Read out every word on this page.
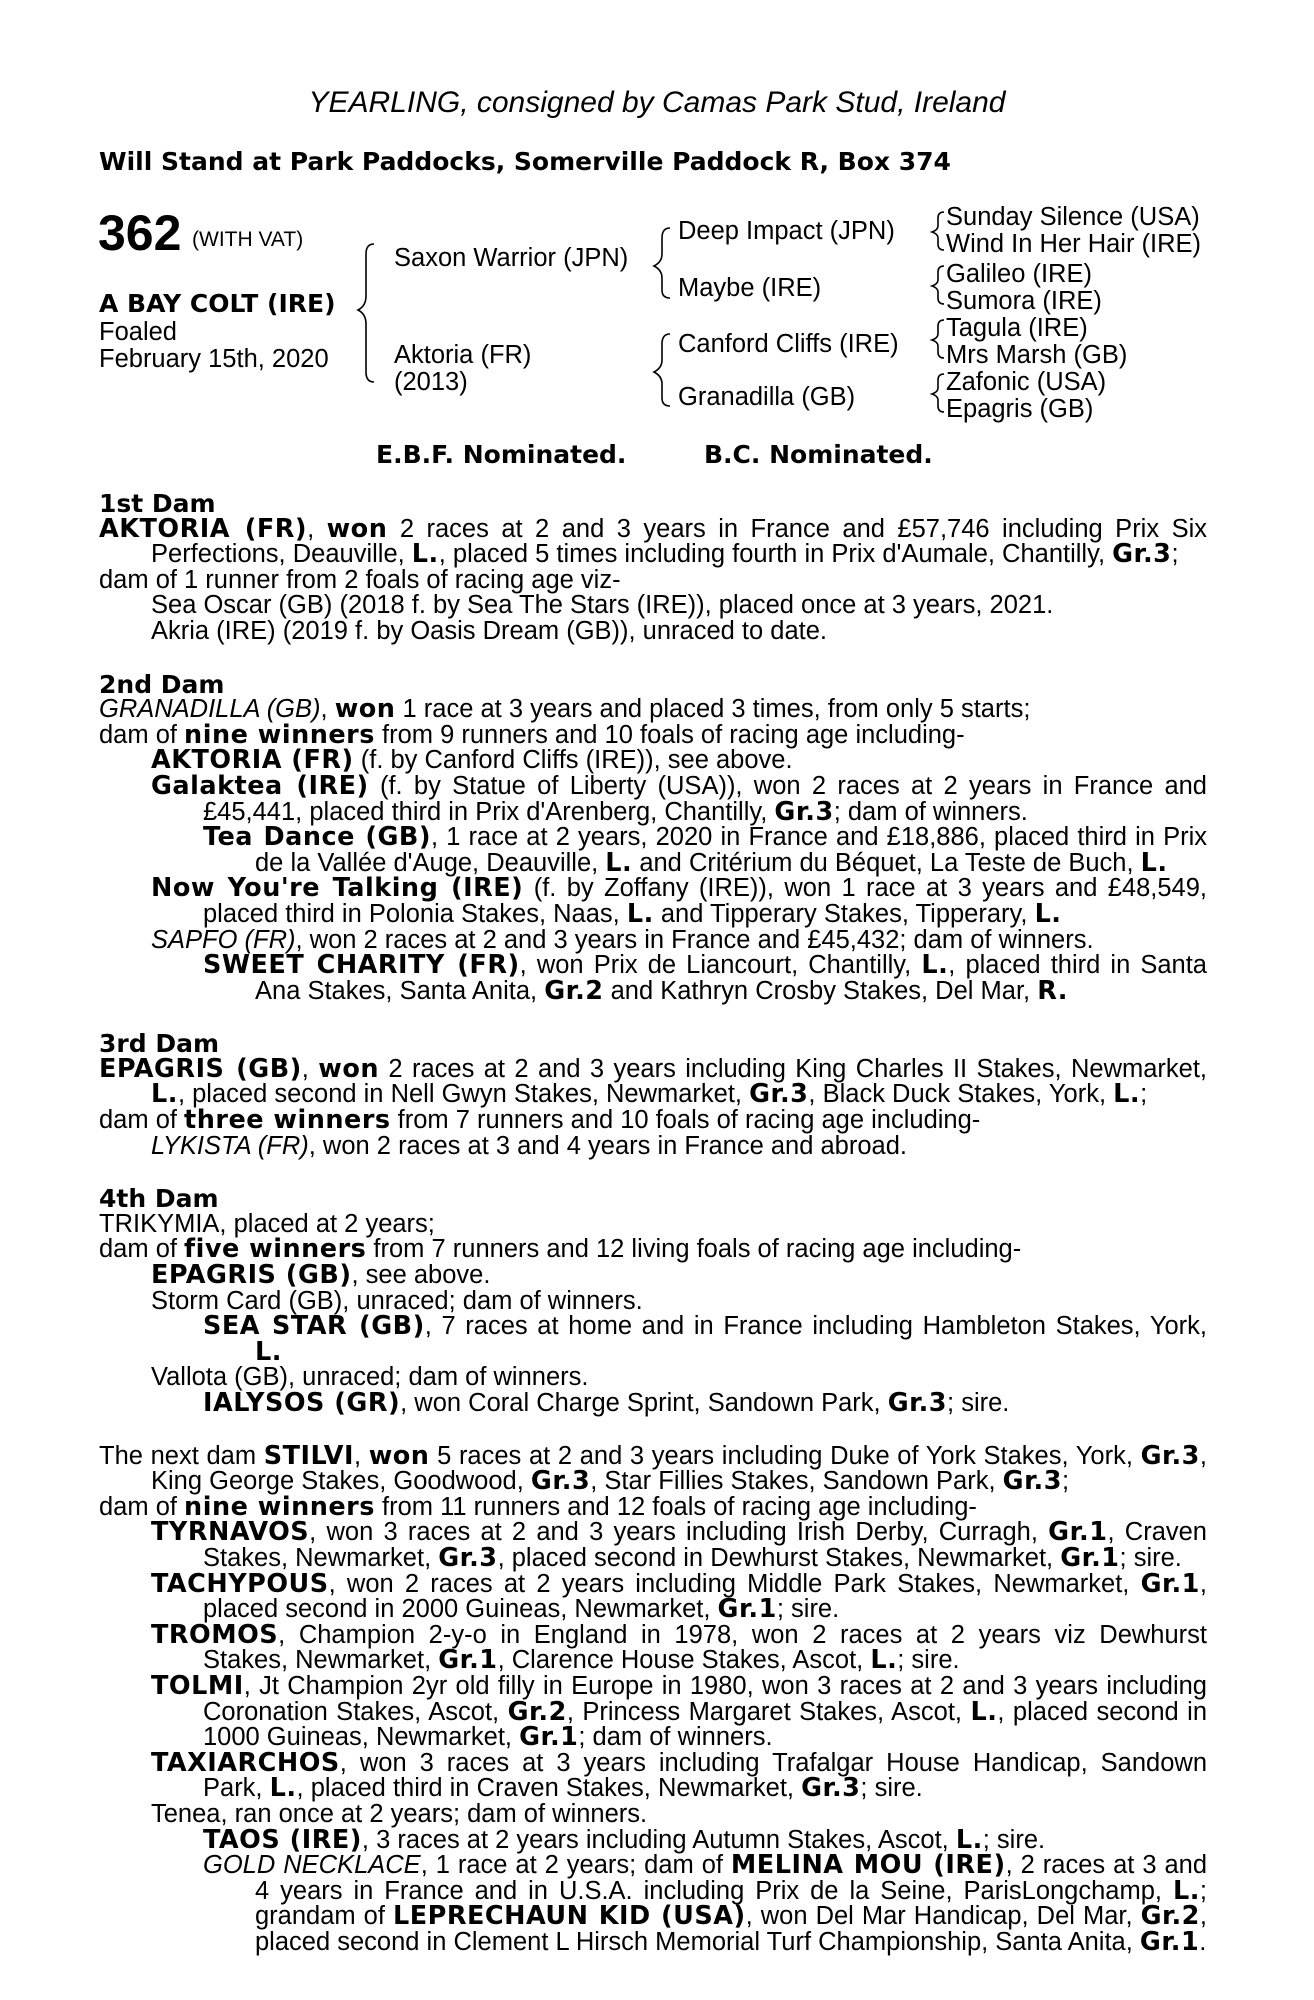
YEARLING, consigned by Camas Park Stud, Ireland
Will Stand at Park Paddocks, Somerville Paddock R, Box 374
362 (WITH VAT)
A BAY COLT (IRE)
Foaled
February 15th, 2020
Saxon Warrior (JPN)
Aktoria (FR)
(2013)
Deep Impact (JPN)
Maybe (IRE)
Canford Cliffs (IRE)
Granadilla (GB)
Sunday Silence (USA)
Wind In Her Hair (IRE)
Galileo (IRE)
Sumora (IRE)
Tagula (IRE)
Mrs Marsh (GB)
Zafonic (USA)
Epagris (GB)
E.B.F. Nominated.	B.C. Nominated.
1st Dam
AKTORIA (FR), won 2 races at 2 and 3 years in France and £57,746 including Prix Six Perfections, Deauville, L., placed 5 times including fourth in Prix d'Aumale, Chantilly, Gr.3;
dam of 1 runner from 2 foals of racing age viz-
Sea Oscar (GB) (2018 f. by Sea The Stars (IRE)), placed once at 3 years, 2021.
Akria (IRE) (2019 f. by Oasis Dream (GB)), unraced to date.
2nd Dam
GRANADILLA (GB), won 1 race at 3 years and placed 3 times, from only 5 starts;
dam of nine winners from 9 runners and 10 foals of racing age including-
AKTORIA (FR) (f. by Canford Cliffs (IRE)), see above.
Galaktea (IRE) (f. by Statue of Liberty (USA)), won 2 races at 2 years in France and £45,441, placed third in Prix d'Arenberg, Chantilly, Gr.3; dam of winners.
Tea Dance (GB), 1 race at 2 years, 2020 in France and £18,886, placed third in Prix de la Vallée d'Auge, Deauville, L. and Critérium du Béquet, La Teste de Buch, L.
Now You're Talking (IRE) (f. by Zoffany (IRE)), won 1 race at 3 years and £48,549, placed third in Polonia Stakes, Naas, L. and Tipperary Stakes, Tipperary, L.
SAPFO (FR), won 2 races at 2 and 3 years in France and £45,432; dam of winners.
SWEET CHARITY (FR), won Prix de Liancourt, Chantilly, L., placed third in Santa Ana Stakes, Santa Anita, Gr.2 and Kathryn Crosby Stakes, Del Mar, R.
3rd Dam
EPAGRIS (GB), won 2 races at 2 and 3 years including King Charles II Stakes, Newmarket, L., placed second in Nell Gwyn Stakes, Newmarket, Gr.3, Black Duck Stakes, York, L.;
dam of three winners from 7 runners and 10 foals of racing age including-
LYKISTA (FR), won 2 races at 3 and 4 years in France and abroad.
4th Dam
TRIKYMIA, placed at 2 years;
dam of five winners from 7 runners and 12 living foals of racing age including-
EPAGRIS (GB), see above.
Storm Card (GB), unraced; dam of winners.
SEA STAR (GB), 7 races at home and in France including Hambleton Stakes, York, L.
Vallota (GB), unraced; dam of winners.
IALYSOS (GR), won Coral Charge Sprint, Sandown Park, Gr.3; sire.
The next dam STILVI, won 5 races at 2 and 3 years including Duke of York Stakes, York, Gr.3, King George Stakes, Goodwood, Gr.3, Star Fillies Stakes, Sandown Park, Gr.3;
dam of nine winners from 11 runners and 12 foals of racing age including-
TYRNAVOS, won 3 races at 2 and 3 years including Irish Derby, Curragh, Gr.1, Craven Stakes, Newmarket, Gr.3, placed second in Dewhurst Stakes, Newmarket, Gr.1; sire.
TACHYPOUS, won 2 races at 2 years including Middle Park Stakes, Newmarket, Gr.1, placed second in 2000 Guineas, Newmarket, Gr.1; sire.
TROMOS, Champion 2-y-o in England in 1978, won 2 races at 2 years viz Dewhurst Stakes, Newmarket, Gr.1, Clarence House Stakes, Ascot, L.; sire.
TOLMI, Jt Champion 2yr old filly in Europe in 1980, won 3 races at 2 and 3 years including Coronation Stakes, Ascot, Gr.2, Princess Margaret Stakes, Ascot, L., placed second in 1000 Guineas, Newmarket, Gr.1; dam of winners.
TAXIARCHOS, won 3 races at 3 years including Trafalgar House Handicap, Sandown Park, L., placed third in Craven Stakes, Newmarket, Gr.3; sire.
Tenea, ran once at 2 years; dam of winners.
TAOS (IRE), 3 races at 2 years including Autumn Stakes, Ascot, L.; sire.
GOLD NECKLACE, 1 race at 2 years; dam of MELINA MOU (IRE), 2 races at 3 and 4 years in France and in U.S.A. including Prix de la Seine, ParisLongchamp, L.; grandam of LEPRECHAUN KID (USA), won Del Mar Handicap, Del Mar, Gr.2, placed second in Clement L Hirsch Memorial Turf Championship, Santa Anita, Gr.1.
